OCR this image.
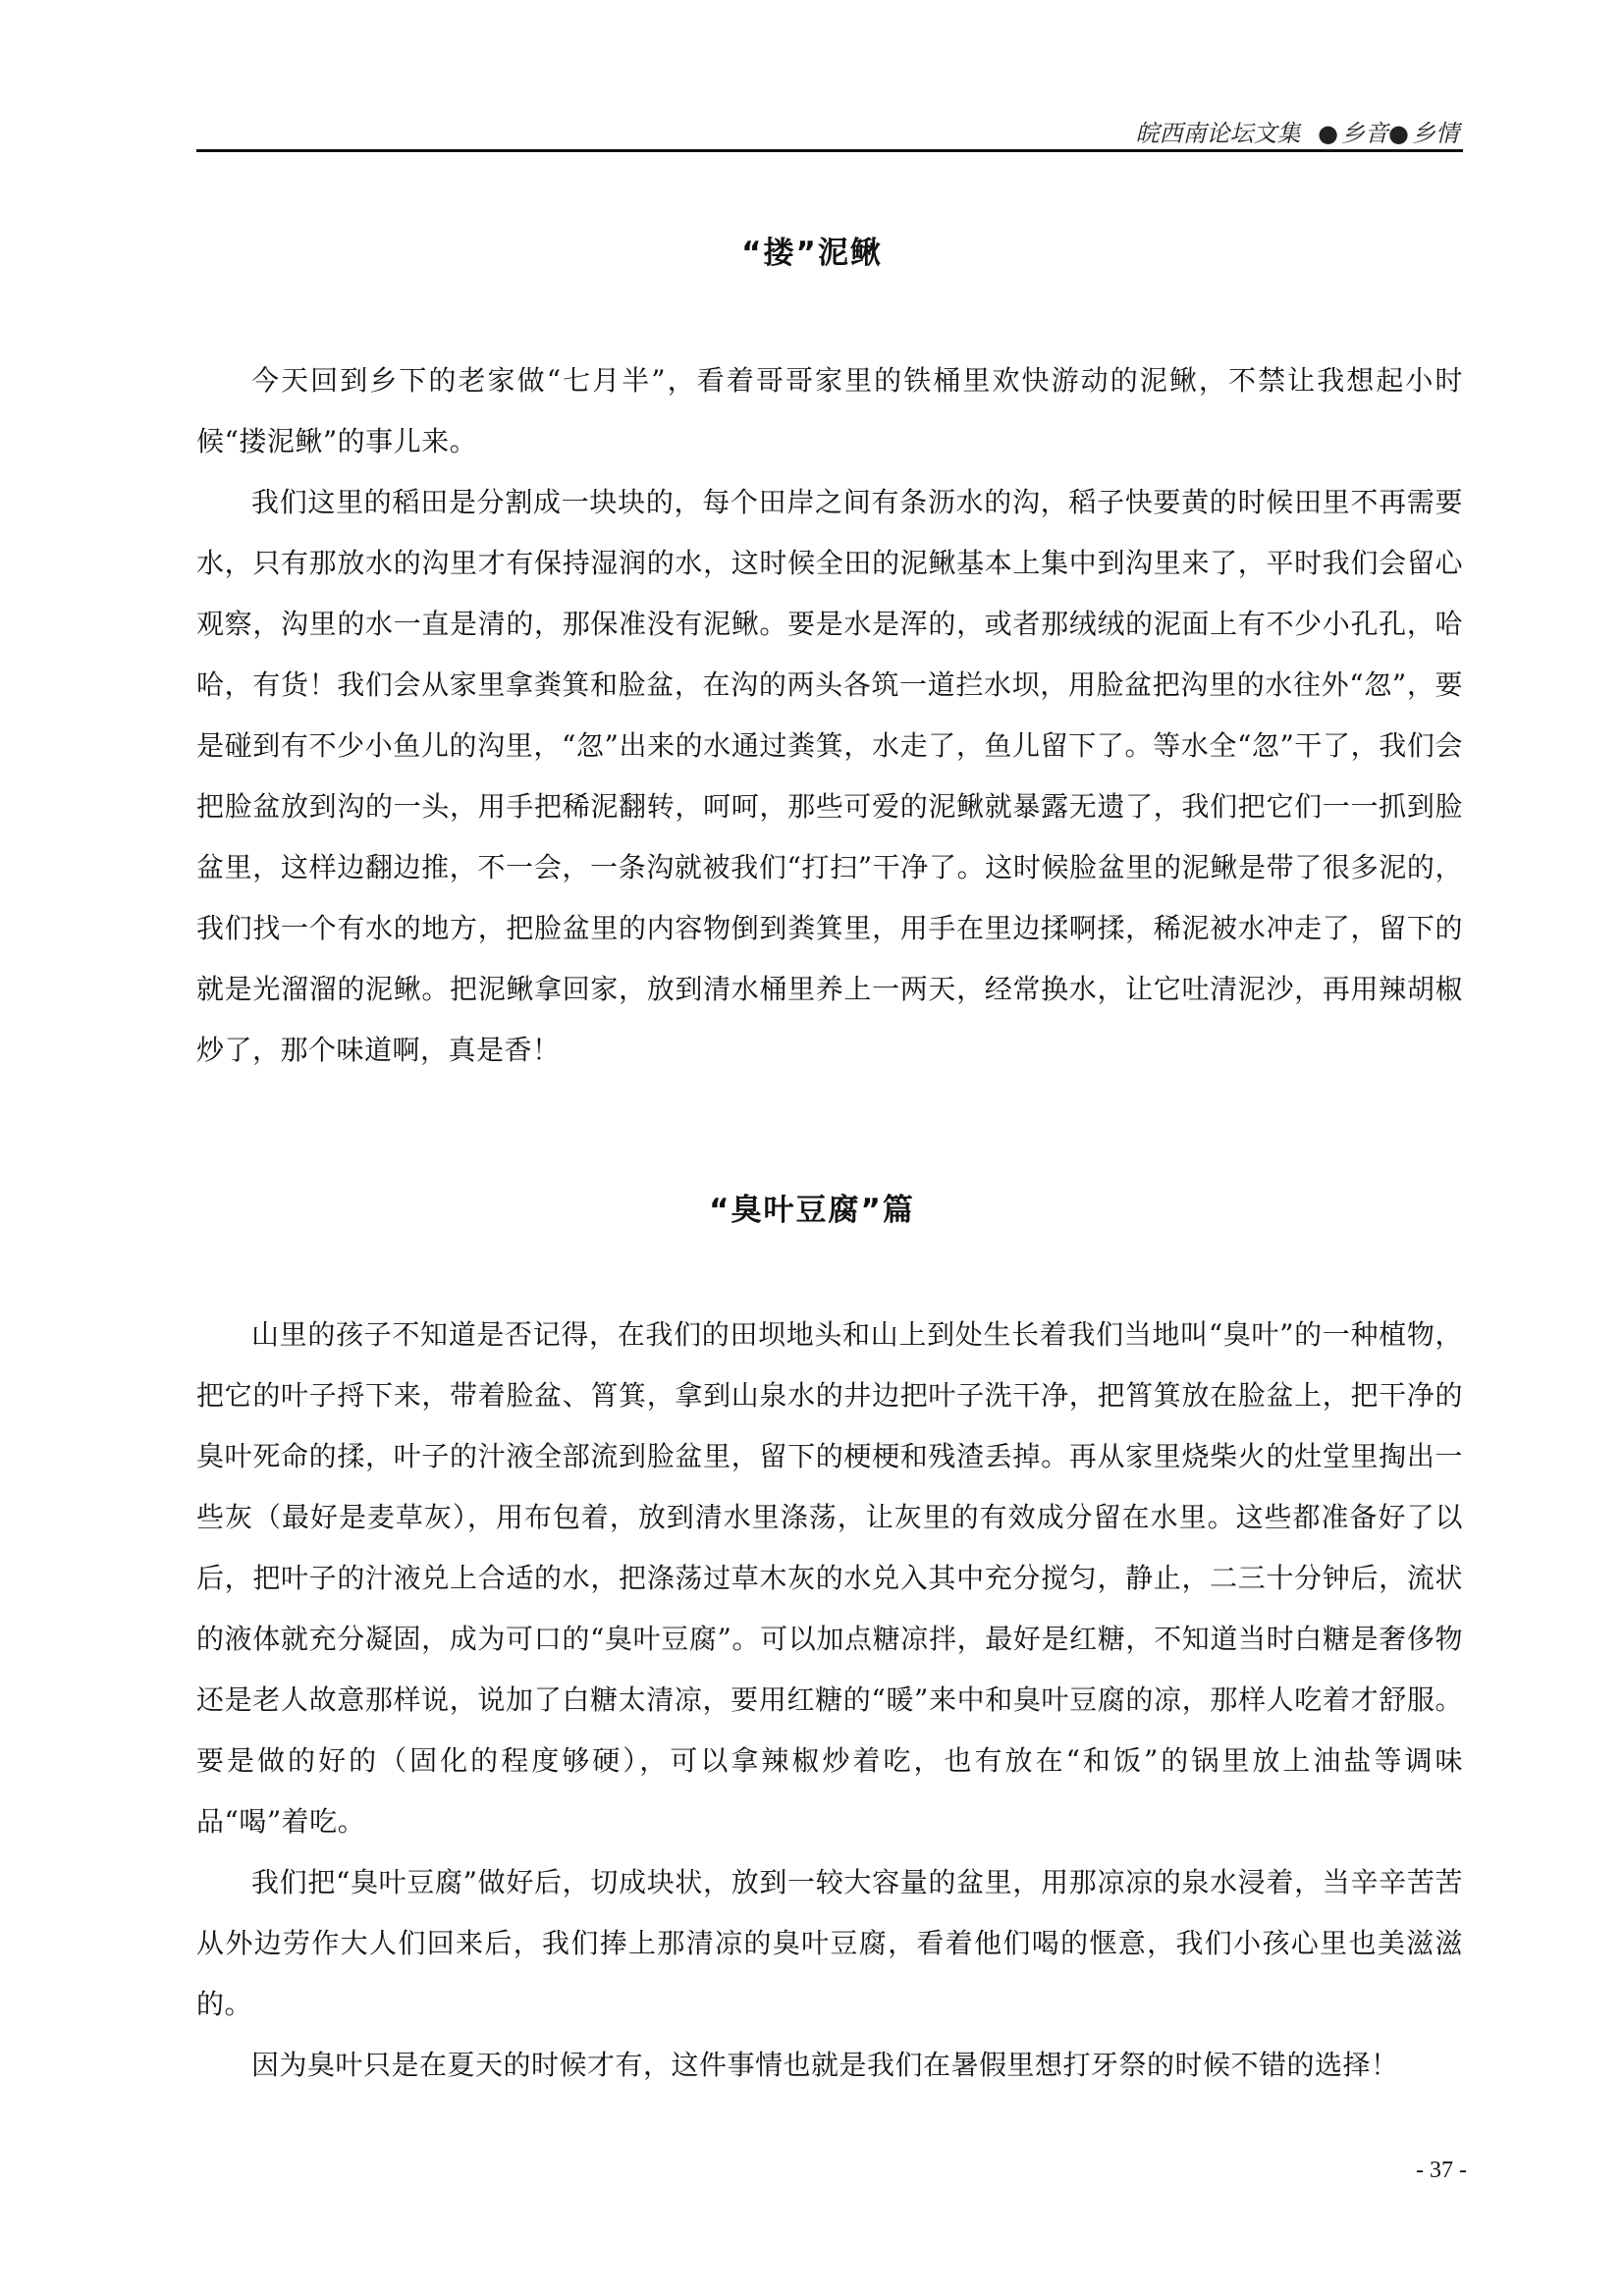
皖西南论坛文集 ● 乡音● 乡情
“搂”泥鳅

今天回到乡下的老家做“七月半”，看着哥哥家里的铁桶里欢快游动的泥鳅，不禁让我想起小时候“搂泥鳅”的事儿来。

我们这里的稻田是分割成一块块的，每个田岸之间有条沥水的沟，稻子快要黄的时候田里不再需要水，只有那放水的沟里才有保持湿润的水，这时候全田的泥鳅基本上集中到沟里来了，平时我们会留心观察，沟里的水一直是清的，那保准没有泥鳅。要是水是浑的，或者那绒绒的泥面上有不少小孔孔，哈哈，有货！我们会从家里拿粪箕和脸盆，在沟的两头各筑一道拦水坝，用脸盆把沟里的水往外“忽”，要是碰到有不少小鱼儿的沟里，“忽”出来的水通过粪箕，水走了，鱼儿留下了。等水全“忽”干了，我们会把脸盆放到沟的一头，用手把稀泥翻转，呵呵，那些可爱的泥鳅就暴露无遗了，我们把它们一一抓到脸盆里，这样边翻边推，不一会，一条沟就被我们“打扫”干净了。这时候脸盆里的泥鳅是带了很多泥的，我们找一个有水的地方，把脸盆里的内容物倒到粪箕里，用手在里边揉啊揉，稀泥被水冲走了，留下的就是光溜溜的泥鳅。把泥鳅拿回家，放到清水桶里养上一两天，经常换水，让它吐清泥沙，再用辣胡椒炒了，那个味道啊，真是香！

“臭叶豆腐”篇

山里的孩子不知道是否记得，在我们的田坝地头和山上到处生长着我们当地叫“臭叶”的一种植物，把它的叶子捋下来，带着脸盆、筲箕，拿到山泉水的井边把叶子洗干净，把筲箕放在脸盆上，把干净的臭叶死命的揉，叶子的汁液全部流到脸盆里，留下的梗梗和残渣丢掉。再从家里烧柴火的灶堂里掏出一些灰（最好是麦草灰），用布包着，放到清水里涤荡，让灰里的有效成分留在水里。这些都准备好了以后，把叶子的汁液兑上合适的水，把涤荡过草木灰的水兑入其中充分搅匀，静止，二三十分钟后，流状的液体就充分凝固，成为可口的“臭叶豆腐”。可以加点糖凉拌，最好是红糖，不知道当时白糖是奢侈物还是老人故意那样说，说加了白糖太清凉，要用红糖的“暖”来中和臭叶豆腐的凉，那样人吃着才舒服。要是做的好的（固化的程度够硬），可以拿辣椒炒着吃，也有放在“和饭”的锅里放上油盐等调味品“喝”着吃。

我们把“臭叶豆腐”做好后，切成块状，放到一较大容量的盆里，用那凉凉的泉水浸着，当辛辛苦苦从外边劳作大人们回来后，我们捧上那清凉的臭叶豆腐，看着他们喝的惬意，我们小孩心里也美滋滋的。

因为臭叶只是在夏天的时候才有，这件事情也就是我们在暑假里想打牙祭的时候不错的选择！

- 37 -
